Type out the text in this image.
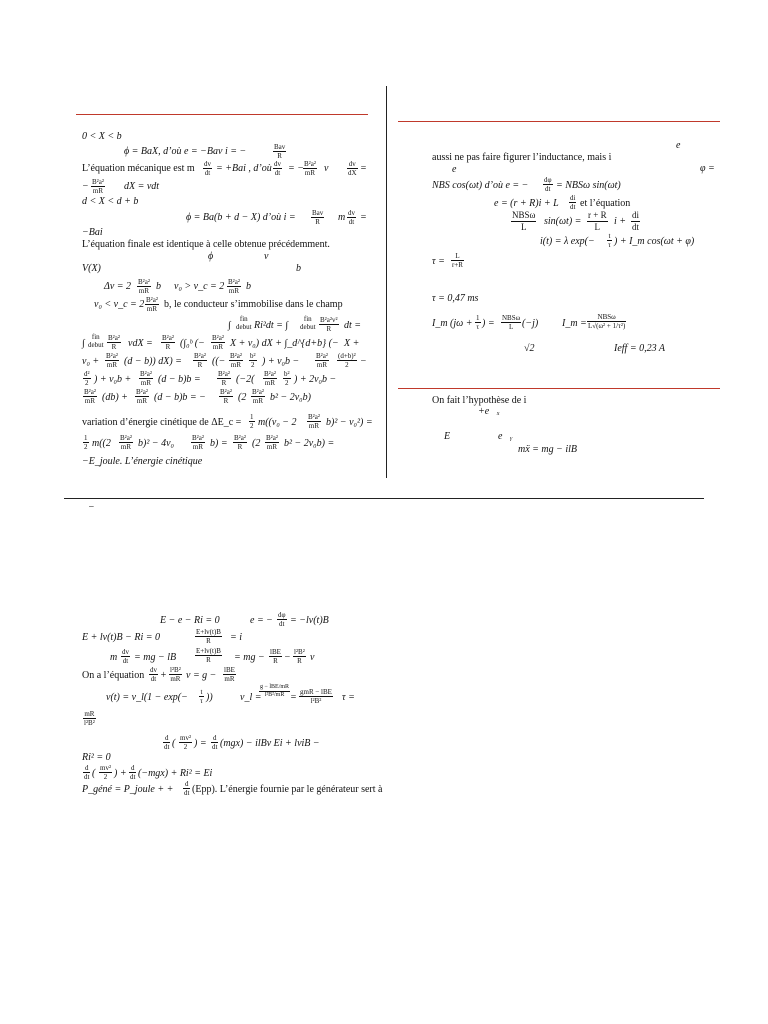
0 < X < b
ϕ = BaX, d’où e = −Bav i = −	Bav
R
L’équation mécanique est m $\frac{dv}{dt} = +Bai$ , d’où $\frac{dv}{dt}$ = − $\frac{\text{B²a²}}{mR}$ v	$\frac{dv}{dX}$ =
− $\frac{\text{B²a²}}{mR}$ dX = vdt
d < X < d + b
ϕ = Ba(b + d − X) d’où i = Bav
R	m $\frac{dv}{dt}$ =
−Bai
L’équation finale est identique à celle obtenue précédemment.
ϕ	v
V(X)	b
$\Delta v = 2 \frac{\text{B²a²}}{mR}$ b v₀ > v_c = $2 \frac{\text{B²a²}}{mR}$ b
v₀ < v_c = $2 \frac{\text{B²a²}}{mR} b$, le conducteur s’immobilise dans le champ
∫
fin
debut Ri²dt = ∫
fin
debut $\frac{\text{B²a²v²}}{R}$ dt =
∫
fin
debut $\frac{\text{B²a²}}{R}$ vdX = $\frac{\text{B²a²}}{R}$ (∫₀ᵇ (− $\frac{\text{B²a²}}{mR}$ X + v₀) dX + ∫_d^{d+b} (− X +
$v_0 + \frac{\text{B²a²}}{mR} (d - b)$) $dX) = \frac{\text{B²a²}}{R}$ ((− $\frac{\text{B²a²}}{mR} \frac{\text{b²}}{2}$ ) + $v_0b - \frac{\text{B²a²}}{mR} \frac{\text{(d+b)²}}{2}$ −
$\frac{\text{d²}}{2}$ ) + $v_0b + \frac{\text{B²a²}}{mR} (d - b)b = \frac{\text{B²a²}}{R} (-2( \frac{\text{B²a²}}{mR} \frac{\text{b²}}{2}$ ) + 2v₀b −
$\frac{\text{B²a²}}{mR} (db) + \frac{\text{B²a²}}{mR} (d - b)b$ = − $\frac{\text{B²a²}}{R} (2 \frac{\text{B²a²}}{mR} b^2 - 2v_0b)$
variation d’énergie cinétique de ΔE_c = $\frac{1}{2} m((v_0 - 2 \frac{\text{B²a²}}{mR} b)^2 - v_0^2)$ =
$\frac{1}{2} m((2 \frac{\text{B²a²}}{mR} b)^2 - 4v_0 \frac{\text{B²a²}}{mR} b) = \frac{\text{B²a²}}{R} (2 \frac{\text{B²a²}}{mR} b^2 - 2v_0b)$ =
−E_joule. L’énergie cinétique
e
aussi ne pas faire figurer l’inductance, mais i
e	φ =
NBS cos(ωt) d’où e = − $\frac{d\varphi}{dt} = NBS\omega$ sin(ωt)
e = (r + R)i + L $\frac{di}{dt}$ et l’équation
NBSω
L	$\sin(\omega t) = \frac{r + R}{L}$ $i + \frac{di}{dt}$
i(t) = λ $\exp(- \frac{t}{\tau}$ ) + I_m cos(ωt + φ)
$\tau = \frac{L}{r+R}$
τ = 0,47 ms
I_m ($j\omega + \frac{1}{\tau}$ ) = NBSω
L (−j) I_m =
NBSω
L√(ω² + 1/τ²)
√2	Ieff = 0,23 A
On fait l’hypothèse de i
+e⃗ₓ
E	e⃗ᵧ
mẍ = mg − ilB
−
E − e − Ri = 0	e = − $\frac{d\varphi}{dt} = -lv(t)B$
E + lv(t)B − Ri = 0	$\frac{E+lv(t)B}{R} = i$
m $\frac{dv}{dt}$ = mg − lB	$\frac{E+lv(t)B}{R}$ = mg − lBE
$R - \frac{\text{l²B²}}{R}$ v
On a l’équation $\frac{dv}{dt} + \frac{\text{l²B²}}{mR}$ v = g − lBE
mR
v(t) = v_l(1 − $\exp(- \frac{t}{\tau}$ ))	v_l =
g − lBE/mR
l²B²/mR = gmR − lBE
l²B²	τ =
$\frac{mR}{\text{l²B²}}$
$\frac{d}{dt}$ ( $\frac{\text{mv²}}{2}$ ) = $\frac{d}{dt} (mgx)$ − ilBv Ei + lviB −
Ri² = 0
$\frac{d}{dt}$ ( $\frac{\text{mv²}}{2}$ ) + $\frac{d}{dt} (-mgx) + Ri^2 = Ei$
P_géné = P_joule + + $\frac{d}{dt} (Epp)$. L’énergie fournie par le générateur sert à
